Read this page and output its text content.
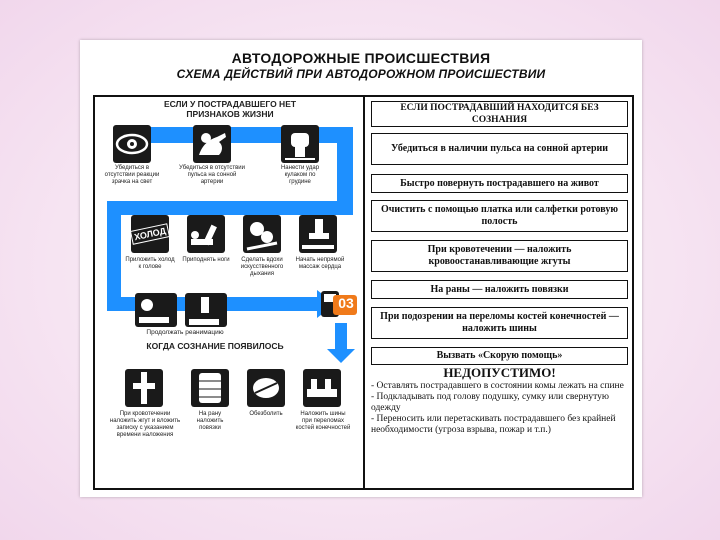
АВТОДОРОЖНЫЕ ПРОИСШЕСТВИЯ
СХЕМА ДЕЙСТВИЙ ПРИ АВТОДОРОЖНОМ ПРОИСШЕСТВИИ
ЕСЛИ У ПОСТРАДАВШЕГО НЕТ ПРИЗНАКОВ ЖИЗНИ
Убедиться в отсутствии реакции зрачка на свет
Убедиться в отсутствии пульса на сонной артерии
Нанести удар кулаком по грудине
ХОЛОД
Приложить холод к голове
Приподнять ноги	Сделать вдохи искусственного дыхания
Начать непрямой массаж сердца
Продолжать реанимацию
03
КОГДА СОЗНАНИЕ ПОЯВИЛОСЬ
При кровотечении наложить жгут и вложить записку с указанием времени наложения
На рану наложить повязки
Обезболить	Наложить шины при переломах костей конечностей
ЕСЛИ ПОСТРАДАВШИЙ НАХОДИТСЯ БЕЗ СОЗНАНИЯ
Убедиться в наличии пульса на сонной артерии
Быстро повернуть пострадавшего на живот
Очистить с помощью платка или салфетки ротовую полость
При кровотечении — наложить кровоостанавливающие жгуты
На раны — наложить повязки
При подозрении на переломы костей конечностей — наложить шины
Вызвать «Скорую помощь»
НЕДОПУСТИМО!
- Оставлять пострадавшего в состоянии комы лежать на спине
- Подкладывать под голову подушку, сумку или свернутую одежду
- Переносить или перетаскивать пострадавшего без крайней необходимости (угроза взрыва, пожар и т.п.)
